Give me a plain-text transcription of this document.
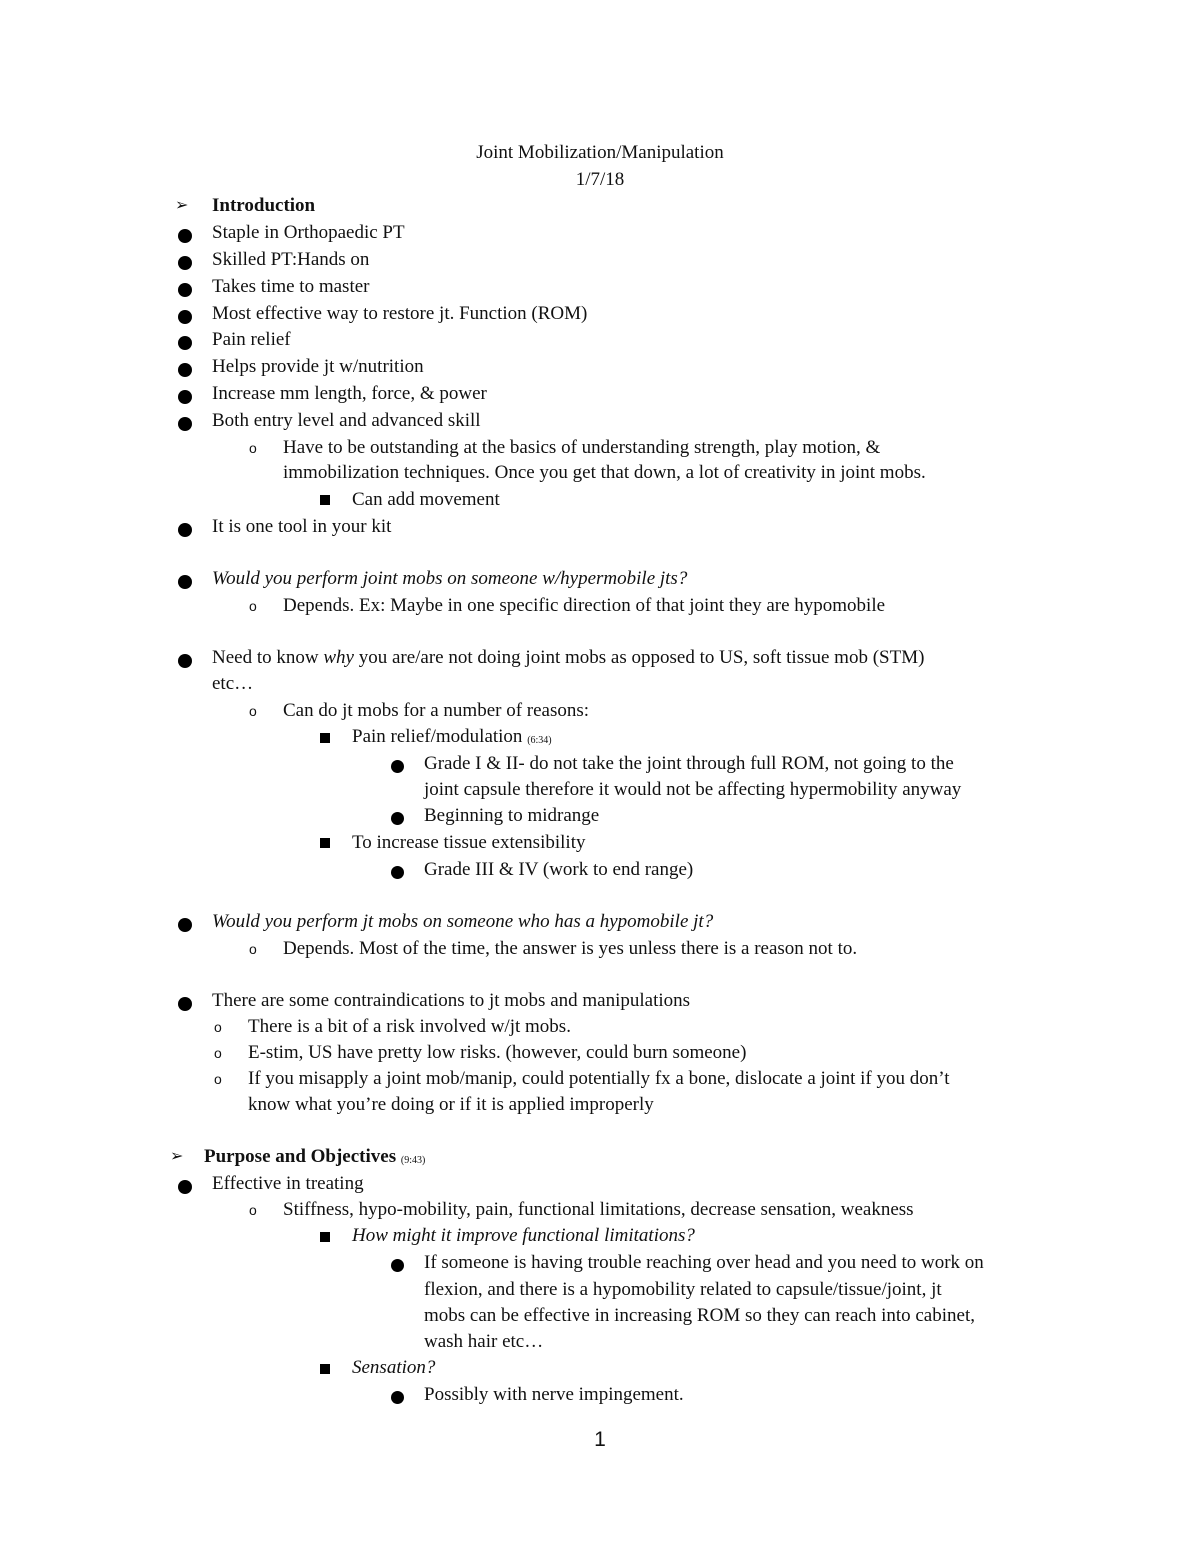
Joint Mobilization/Manipulation
1/7/18
➢ Introduction
Staple in Orthopaedic PT
Skilled PT:Hands on
Takes time to master
Most effective way to restore jt. Function (ROM)
Pain relief
Helps provide jt w/nutrition
Increase mm length, force, & power
Both entry level and advanced skill
o Have to be outstanding at the basics of understanding strength, play motion, &
immobilization techniques. Once you get that down, a lot of creativity in joint mobs.
Can add movement
It is one tool in your kit
Would you perform joint mobs on someone w/hypermobile jts?
o Depends. Ex: Maybe in one specific direction of that joint they are hypomobile
Need to know why you are/are not doing joint mobs as opposed to US, soft tissue mob (STM)
etc…
o Can do jt mobs for a number of reasons:
Pain relief/modulation (6:34)
Grade I & II- do not take the joint through full ROM, not going to the
joint capsule therefore it would not be affecting hypermobility anyway
Beginning to midrange
To increase tissue extensibility
Grade III & IV (work to end range)
Would you perform jt mobs on someone who has a hypomobile jt?
o Depends. Most of the time, the answer is yes unless there is a reason not to.
There are some contraindications to jt mobs and manipulations
o There is a bit of a risk involved w/jt mobs.
o E-stim, US have pretty low risks. (however, could burn someone)
o If you misapply a joint mob/manip, could potentially fx a bone, dislocate a joint if you don’t
know what you’re doing or if it is applied improperly
➢ Purpose and Objectives (9:43)
Effective in treating
o Stiffness, hypo-mobility, pain, functional limitations, decrease sensation, weakness
How might it improve functional limitations?
If someone is having trouble reaching over head and you need to work on
flexion, and there is a hypomobility related to capsule/tissue/joint, jt
mobs can be effective in increasing ROM so they can reach into cabinet,
wash hair etc…
Sensation?
Possibly with nerve impingement.
1
